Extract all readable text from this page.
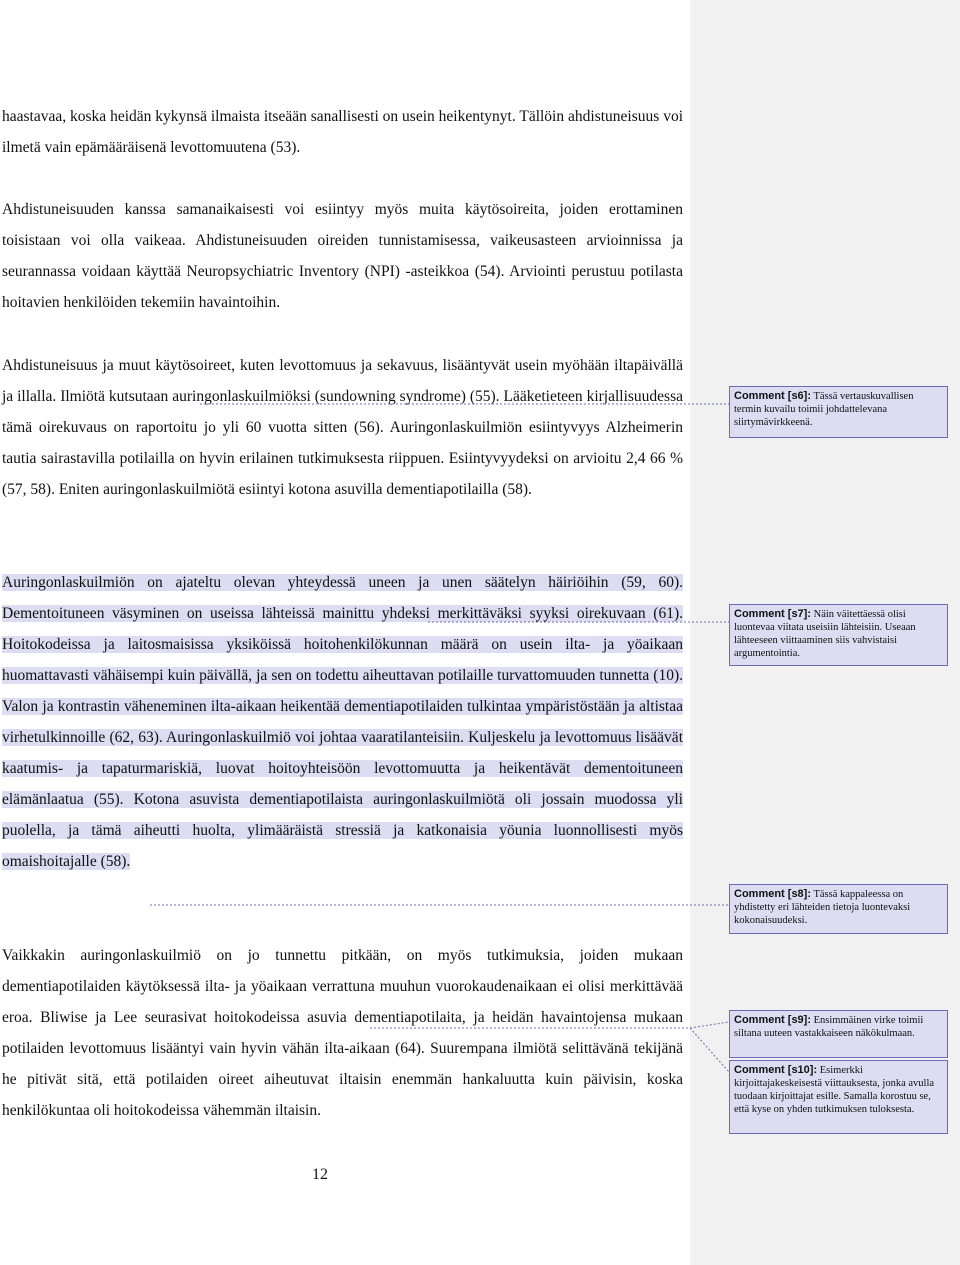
haastavaa, koska heidän kykynsä ilmaista itseään sanallisesti on usein heikentynyt. Tällöin ahdistuneisuus voi ilmetä vain epämääräisenä levottomuutena (53).

Ahdistuneisuuden kanssa samanaikaisesti voi esiintyy myös muita käytösoireita, joiden erottaminen toisistaan voi olla vaikeaa. Ahdistuneisuuden oireiden tunnistamisessa, vaikeusasteen arvioinnissa ja seurannassa voidaan käyttää Neuropsychiatric Inventory (NPI) -asteikkoa (54). Arviointi perustuu potilasta hoitavien henkilöiden tekemiin havaintoihin.

Ahdistuneisuus ja muut käytösoireet, kuten levottomuus ja sekavuus, lisääntyvät usein myöhään iltapäivällä ja illalla. Ilmiötä kutsutaan auringonlaskuilmiöksi (sundowning syndrome) (55). Lääketieteen kirjallisuudessa tämä oirekuvaus on raportoitu jo yli 60 vuotta sitten (56). Auringonlaskuilmiön esiintyvyys Alzheimerin tautia sairastavilla potilailla on hyvin erilainen tutkimuksesta riippuen. Esiintyvyydeksi on arvioitu 2,4 66 % (57, 58). Eniten auringonlaskuilmiötä esiintyi kotona asuvilla dementiapotilailla (58).

Auringonlaskuilmiön on ajateltu olevan yhteydessä uneen ja unen säätelyn häiriöihin (59, 60). Dementoituneen väsyminen on useissa lähteissä mainittu yhdeksi merkittäväksi syyksi oirekuvaan (61). Hoitokodeissa ja laitosmaisissa yksiköissä hoitohenkilökunnan määrä on usein ilta- ja yöaikaan huomattavasti vähäisempi kuin päivällä, ja sen on todettu aiheuttavan potilaille turvattomuuden tunnetta (10). Valon ja kontrastin väheneminen ilta-aikaan heikentää dementiapotilaiden tulkintaa ympäristöstään ja altistaa virhetulkinnoille (62, 63). Auringonlaskuilmiö voi johtaa vaaratilanteisiin. Kuljeskelu ja levottomuus lisäävät kaatumis- ja tapaturmariskiä, luovat hoitoyhteisöön levottomuutta ja heikentävät dementoituneen elämänlaatua (55). Kotona asuvista dementiapotilaista auringonlaskuilmiötä oli jossain muodossa yli puolella, ja tämä aiheutti huolta, ylimääräistä stressiä ja katkonaisia yöunia luonnollisesti myös omaishoitajalle (58).

Vaikkakin auringonlaskuilmiö on jo tunnettu pitkään, on myös tutkimuksia, joiden mukaan dementiapotilaiden käytöksessä ilta- ja yöaikaan verrattuna muuhun vuorokaudenaikaan ei olisi merkittävää eroa. Bliwise ja Lee seurasivat hoitokodeissa asuvia dementiapotilaita, ja heidän havaintojensa mukaan potilaiden levottomuus lisääntyi vain hyvin vähän ilta-aikaan (64). Suurempana ilmiötä selittävänä tekijänä he pitivät sitä, että potilaiden oireet aiheutuvat iltaisin enemmän hankaluutta kuin päivisin, koska henkilökuntaa oli hoitokodeissa vähemmän iltaisin.

12
Comment [s6]: Tässä vertauskuvallisen termin kuvailu toimii johdattelevana siirtymävirkkeenä.
Comment [s7]: Näin väitettäessä olisi luontevaa viitata useisiin lähteisiin. Useaan lähteeseen viittaaminen siis vahvistaisi argumentointia.
Comment [s8]: Tässä kappaleessa on yhdistetty eri lähteiden tietoja luontevaksi kokonaisuudeksi.
Comment [s9]: Ensimmäinen virke toimii siltana uuteen vastakkaiseen näkökulmaan.
Comment [s10]: Esimerkki kirjoittajakeskeisestä viittauksesta, jonka avulla tuodaan kirjoittajat esille. Samalla korostuu se, että kyse on yhden tutkimuksen tuloksesta.
